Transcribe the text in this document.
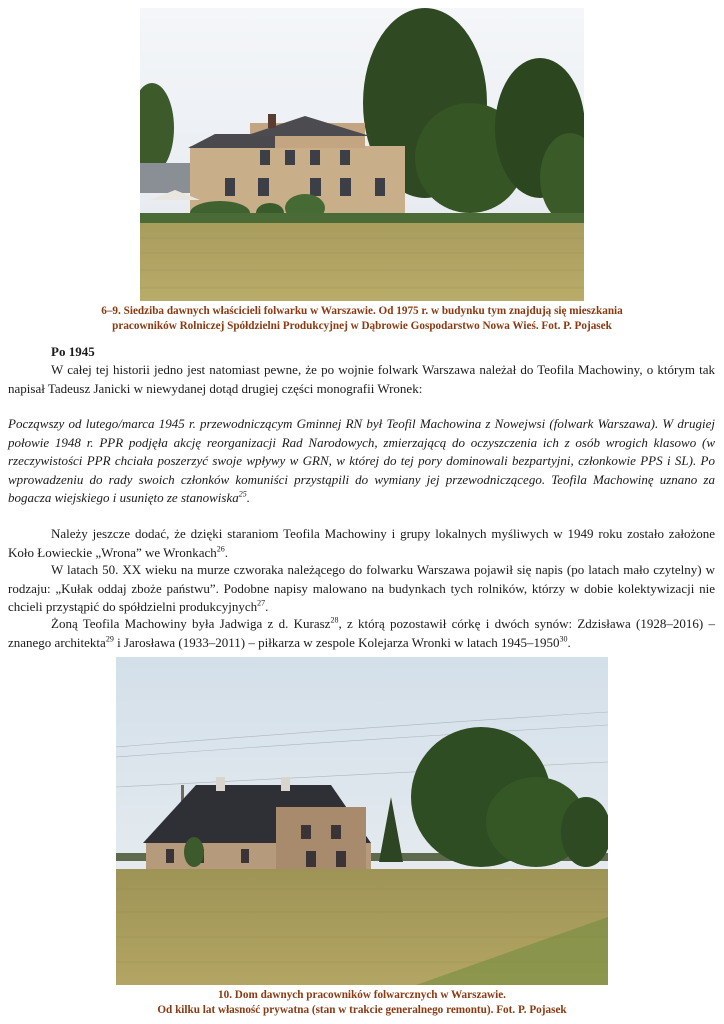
6–9. Siedziba dawnych właścicieli folwarku w Warszawie. Od 1975 r. w budynku tym znajdują się mieszkania
pracowników Rolniczej Spółdzielni Produkcyjnej w Dąbrowie Gospodarstwo Nowa Wieś. Fot. P. Pojasek
Po 1945
W całej tej historii jedno jest natomiast pewne, że po wojnie folwark Warszawa należał do Teofila Machowiny, o którym tak napisał Tadeusz Janicki w niewydanej dotąd drugiej części monografii Wronek:
Począwszy od lutego/marca 1945 r. przewodniczącym Gminnej RN był Teofil Machowina z Nowejwsi (folwark Warszawa). W drugiej połowie 1948 r. PPR podjęła akcję reorganizacji Rad Narodowych, zmierzającą do oczyszczenia ich z osób wrogich klasowo (w rzeczywistości PPR chciała poszerzyć swoje wpływy w GRN, w której do tej pory dominowali bezpartyjni, członkowie PPS i SL). Po wprowadzeniu do rady swoich członków komuniści przystąpili do wymiany jej przewodniczącego. Teofila Machowinę uznano za bogacza wiejskiego i usunięto ze stanowiska$^{25}$.
Należy jeszcze dodać, że dzięki staraniom Teofila Machowiny i grupy lokalnych myśliwych w 1949 roku zostało założone Koło Łowieckie „Wrona” we Wronkach$^{26}$.
W latach 50. XX wieku na murze czworaka należącego do folwarku Warszawa pojawił się napis (po latach mało czytelny) w rodzaju: „Kułak oddaj zboże państwu”. Podobne napisy malowano na budynkach tych rolników, którzy w dobie kolektywizacji nie chcieli przystąpić do spółdzielni produkcyjnych$^{27}$.
Żoną Teofila Machowiny była Jadwiga z d. Kurasz$^{28}$, z którą pozostawił córkę i dwóch synów: Zdzisława (1928–2016) – znanego architekta$^{29}$ i Jarosława (1933–2011) – piłkarza w zespole Kolejarza Wronki w latach 1945–1950$^{30}$.
10. Dom dawnych pracowników folwarcznych w Warszawie.
Od kilku lat własność prywatna (stan w trakcie generalnego remontu). Fot. P. Pojasek
